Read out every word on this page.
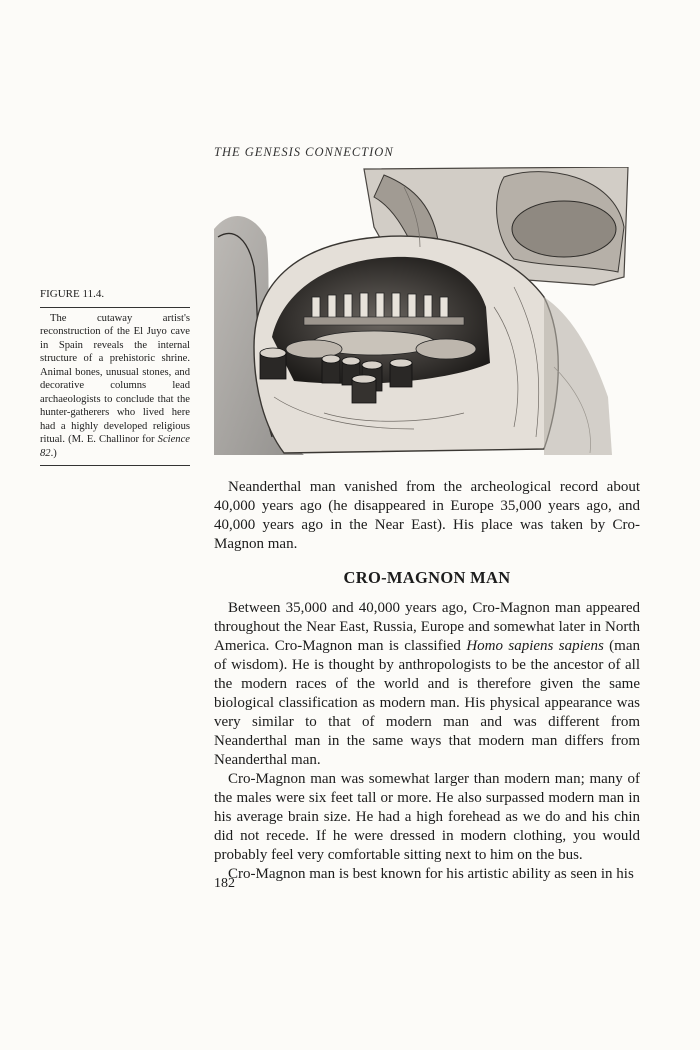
THE GENESIS CONNECTION
FIGURE 11.4.
The cutaway artist's reconstruction of the El Juyo cave in Spain reveals the internal structure of a prehistoric shrine. Animal bones, unusual stones, and decorative columns lead archaeologists to conclude that the hunter-gatherers who lived here had a highly developed religious ritual. (M. E. Challinor for Science 82.)

Neanderthal man vanished from the archeological record about 40,000 years ago (he disappeared in Europe 35,000 years ago, and 40,000 years ago in the Near East). His place was taken by Cro-Magnon man.

CRO-MAGNON MAN

Between 35,000 and 40,000 years ago, Cro-Magnon man appeared throughout the Near East, Russia, Europe and somewhat later in North America. Cro-Magnon man is classified Homo sapiens sapiens (man of wisdom). He is thought by anthropologists to be the ancestor of all the modern races of the world and is therefore given the same biological classification as modern man. His physical appearance was very similar to that of modern man and was different from Neanderthal man in the same ways that modern man differs from Neanderthal man.

Cro-Magnon man was somewhat larger than modern man; many of the males were six feet tall or more. He also surpassed modern man in his average brain size. He had a high forehead as we do and his chin did not recede. If he were dressed in modern clothing, you would probably feel very comfortable sitting next to him on the bus.

Cro-Magnon man is best known for his artistic ability as seen in his

182
